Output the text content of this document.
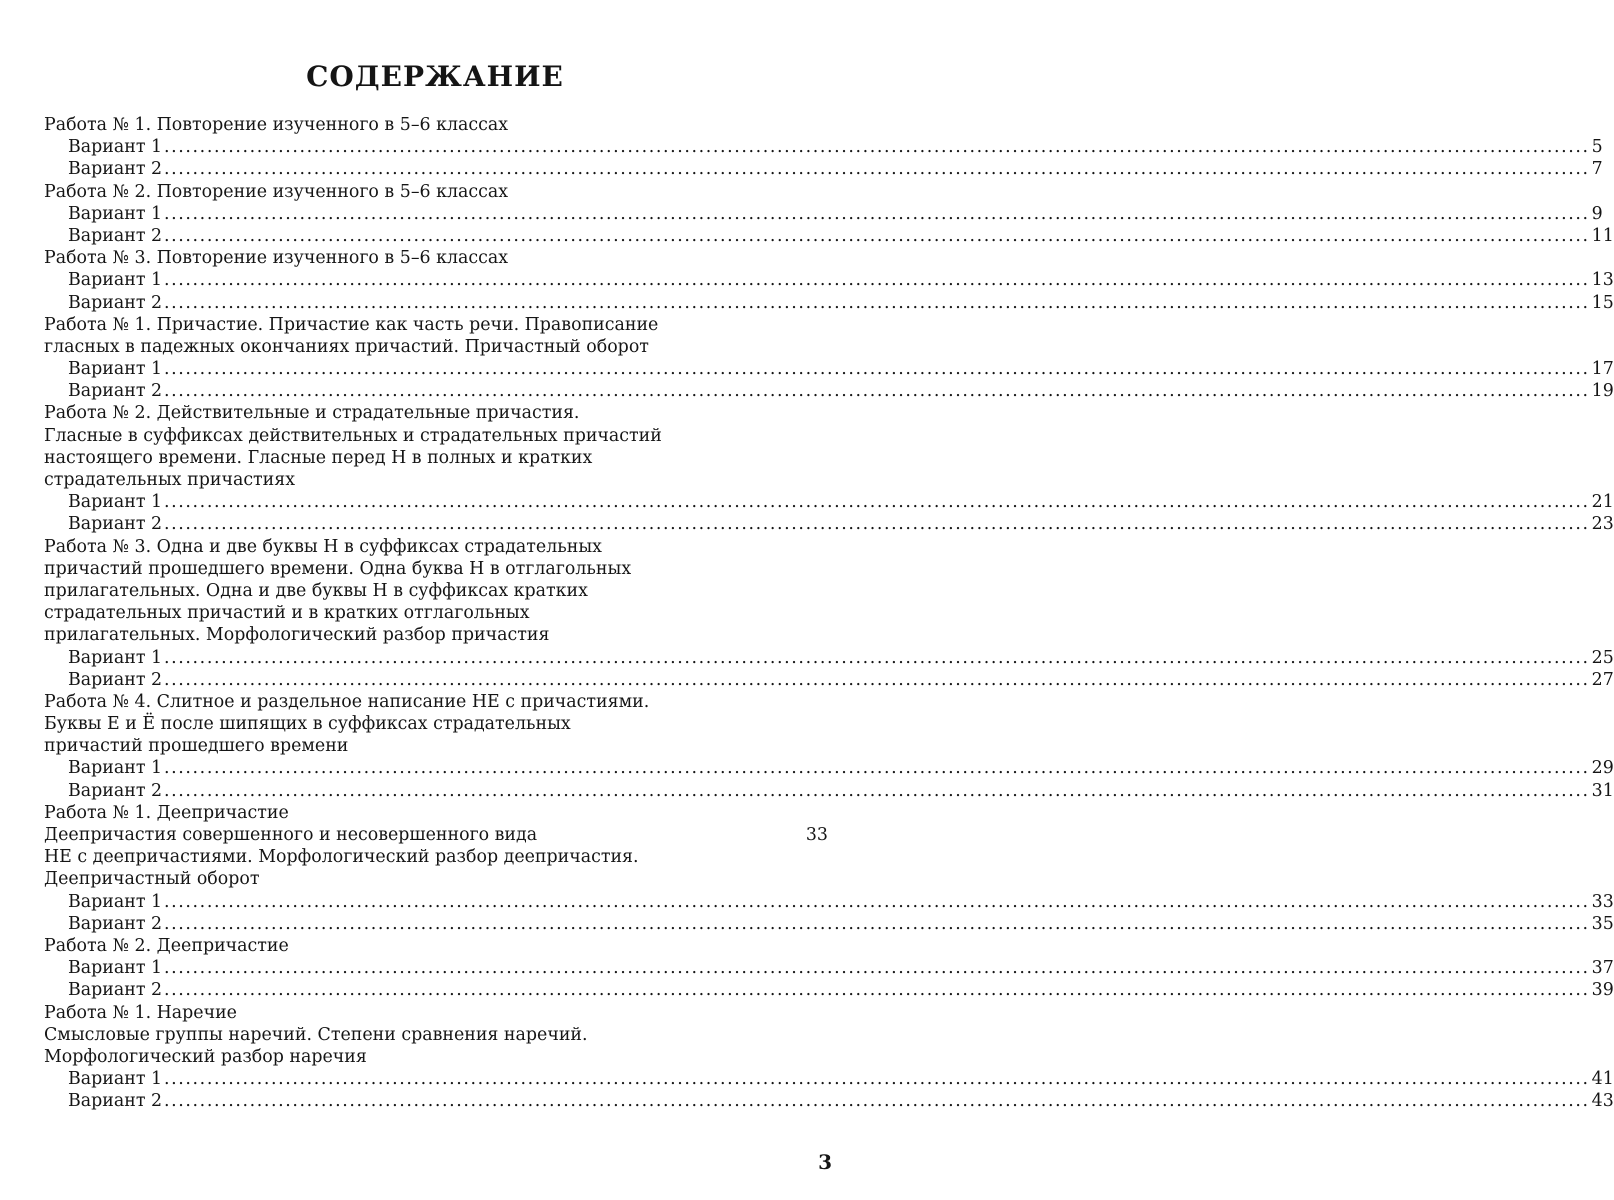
СОДЕРЖАНИЕ
Работа № 1. Повторение изученного в 5–6 классах
Вариант 1 ........................................................................................................................................................................................................ 5
Вариант 2 ........................................................................................................................................................................................................ 7
Работа № 2. Повторение изученного в 5–6 классах
Вариант 1 ........................................................................................................................................................................................................ 9
Вариант 2 ........................................................................................................................................................................................................ 11
Работа № 3. Повторение изученного в 5–6 классах
Вариант 1 ........................................................................................................................................................................................................ 13
Вариант 2 ........................................................................................................................................................................................................ 15
Работа № 1. Причастие. Причастие как часть речи. Правописание
гласных в падежных окончаниях причастий. Причастный оборот
Вариант 1 ........................................................................................................................................................................................................ 17
Вариант 2 ........................................................................................................................................................................................................ 19
Работа № 2. Действительные и страдательные причастия.
Гласные в суффиксах действительных и страдательных причастий
настоящего времени. Гласные перед Н в полных и кратких
страдательных причастиях
Вариант 1 ........................................................................................................................................................................................................ 21
Вариант 2 ........................................................................................................................................................................................................ 23
Работа № 3. Одна и две буквы Н в суффиксах страдательных
причастий прошедшего времени. Одна буква Н в отглагольных
прилагательных. Одна и две буквы Н в суффиксах кратких
страдательных причастий и в кратких отглагольных
прилагательных. Морфологический разбор причастия
Вариант 1 ........................................................................................................................................................................................................ 25
Вариант 2 ........................................................................................................................................................................................................ 27
Работа № 4. Слитное и раздельное написание НЕ с причастиями.
Буквы Е и Ё после шипящих в суффиксах страдательных
причастий прошедшего времени
Вариант 1 ........................................................................................................................................................................................................ 29
Вариант 2 ........................................................................................................................................................................................................ 31
Работа № 1. Деепричастие
33
Деепричастия совершенного и несовершенного вида
НЕ с деепричастиями. Морфологический разбор деепричастия.
Деепричастный оборот
Вариант 1 ........................................................................................................................................................................................................ 33
Вариант 2 ........................................................................................................................................................................................................ 35
Работа № 2. Деепричастие
Вариант 1 ........................................................................................................................................................................................................ 37
Вариант 2 ........................................................................................................................................................................................................ 39
Работа № 1. Наречие
Смысловые группы наречий. Степени сравнения наречий.
Морфологический разбор наречия
Вариант 1 ........................................................................................................................................................................................................ 41
Вариант 2 ........................................................................................................................................................................................................ 43
3
